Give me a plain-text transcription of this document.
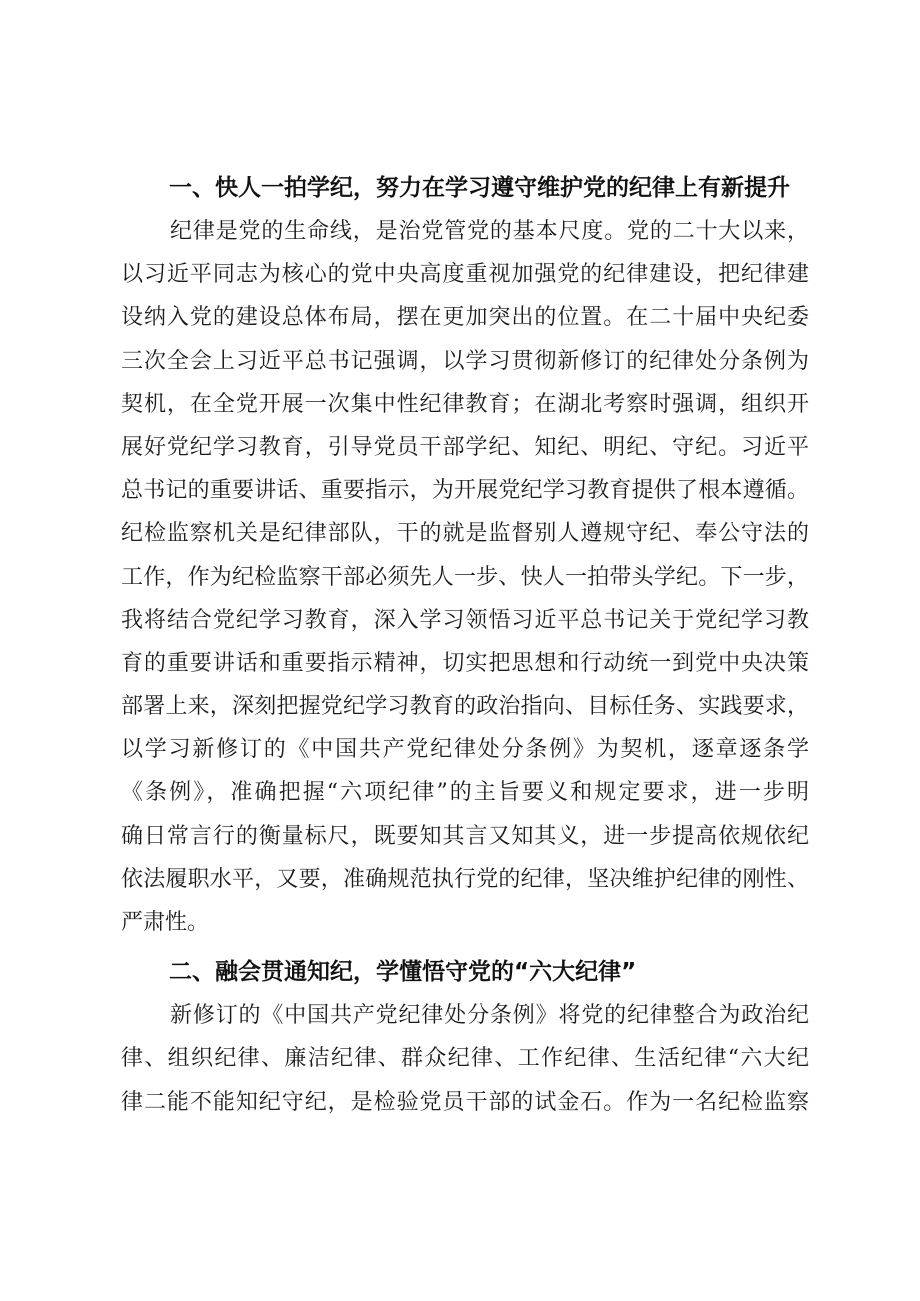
一、快人一拍学纪，努力在学习遵守维护党的纪律上有新提升
纪律是党的生命线，是治党管党的基本尺度。党的二十大以来，
以习近平同志为核心的党中央高度重视加强党的纪律建设，把纪律建
设纳入党的建设总体布局，摆在更加突出的位置。在二十届中央纪委
三次全会上习近平总书记强调，以学习贯彻新修订的纪律处分条例为
契机，在全党开展一次集中性纪律教育；在湖北考察时强调，组织开
展好党纪学习教育，引导党员干部学纪、知纪、明纪、守纪。习近平
总书记的重要讲话、重要指示，为开展党纪学习教育提供了根本遵循。
纪检监察机关是纪律部队，干的就是监督别人遵规守纪、奉公守法的
工作，作为纪检监察干部必须先人一步、快人一拍带头学纪。下一步，
我将结合党纪学习教育，深入学习领悟习近平总书记关于党纪学习教
育的重要讲话和重要指示精神，切实把思想和行动统一到党中央决策
部署上来，深刻把握党纪学习教育的政治指向、目标任务、实践要求，
以学习新修订的《中国共产党纪律处分条例》为契机，逐章逐条学
《条例》，准确把握“六项纪律”的主旨要义和规定要求，进一步明
确日常言行的衡量标尺，既要知其言又知其义，进一步提高依规依纪
依法履职水平，又要，准确规范执行党的纪律，坚决维护纪律的刚性、
严肃性。
二、融会贯通知纪，学懂悟守党的“六大纪律”
新修订的《中国共产党纪律处分条例》将党的纪律整合为政治纪
律、组织纪律、廉洁纪律、群众纪律、工作纪律、生活纪律“六大纪
律二能不能知纪守纪，是检验党员干部的试金石。作为一名纪检监察
